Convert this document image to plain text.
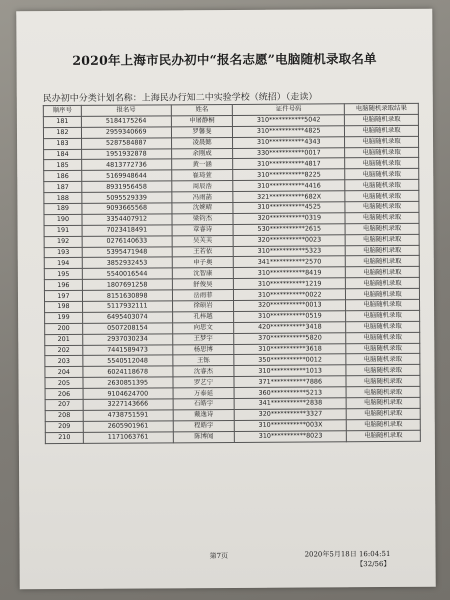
2020年上海市民办初中“报名志愿”电脑随机录取名单
民办初中分类计划名称：上海民办行知二中实验学校（统招）（走读）
顺序号	报名号	姓名	证件号码	电脑随机录取结果
181	5184175264	申屠静桐	310***********5042	电脑随机录取
182	2959340669	罗馨斐	310***********4825	电脑随机录取
183	5287584887	凌晨懿	310***********4343	电脑随机录取
184	1951932878	余刚成	330***********0017	电脑随机录取
185	4813772736	黄一涵	310***********4817	电脑随机录取
186	5169948644	崔琦萱	310***********8225	电脑随机录取
187	8931956458	周辰浩	310***********4416	电脑随机录取
188	5095529339	冯雨菡	321***********682X	电脑随机录取
189	9093665568	沈婉晴	310***********4525	电脑随机录取
190	3354407912	梁钧杰	320***********0319	电脑随机录取
191	7023418491	章睿诗	530***********2615	电脑随机录取
192	0276140633	吴芙芙	320***********0023	电脑随机录取
193	5395471948	王若依	310***********5323	电脑随机录取
194	3852932453	申子奥	341***********2570	电脑随机录取
195	5540016544	沈智康	310***********8419	电脑随机录取
196	1807691258	舒俊昊	310***********1219	电脑随机录取
197	8151630898	岳雨菲	310***********0022	电脑随机录取
198	5117932111	徐硕岩	320***********0013	电脑随机录取
199	6495403074	孔梓越	310***********0519	电脑随机录取
200	0507208154	向思文	420***********3418	电脑随机录取
201	2937030234	王梦宇	370***********5820	电脑随机录取
202	7441589473	杨思博	310***********3618	电脑随机录取
203	5540512048	王铄	350***********0012	电脑随机录取
204	6024118678	沈睿杰	310***********1013	电脑随机录取
205	2630851395	罗艺宁	371***********7886	电脑随机录取
206	9104624700	万泰延	360***********5213	电脑随机录取
207	3227143666	石皓宇	341***********2838	电脑随机录取
208	4738751591	戴逸诗	320***********3327	电脑随机录取
209	2605901961	程皓宇	310***********003X	电脑随机录取
210	1171063761	陈博闻	310***********8023	电脑随机录取
第7页	2020年5月18日 16:04:51
【32/56】
